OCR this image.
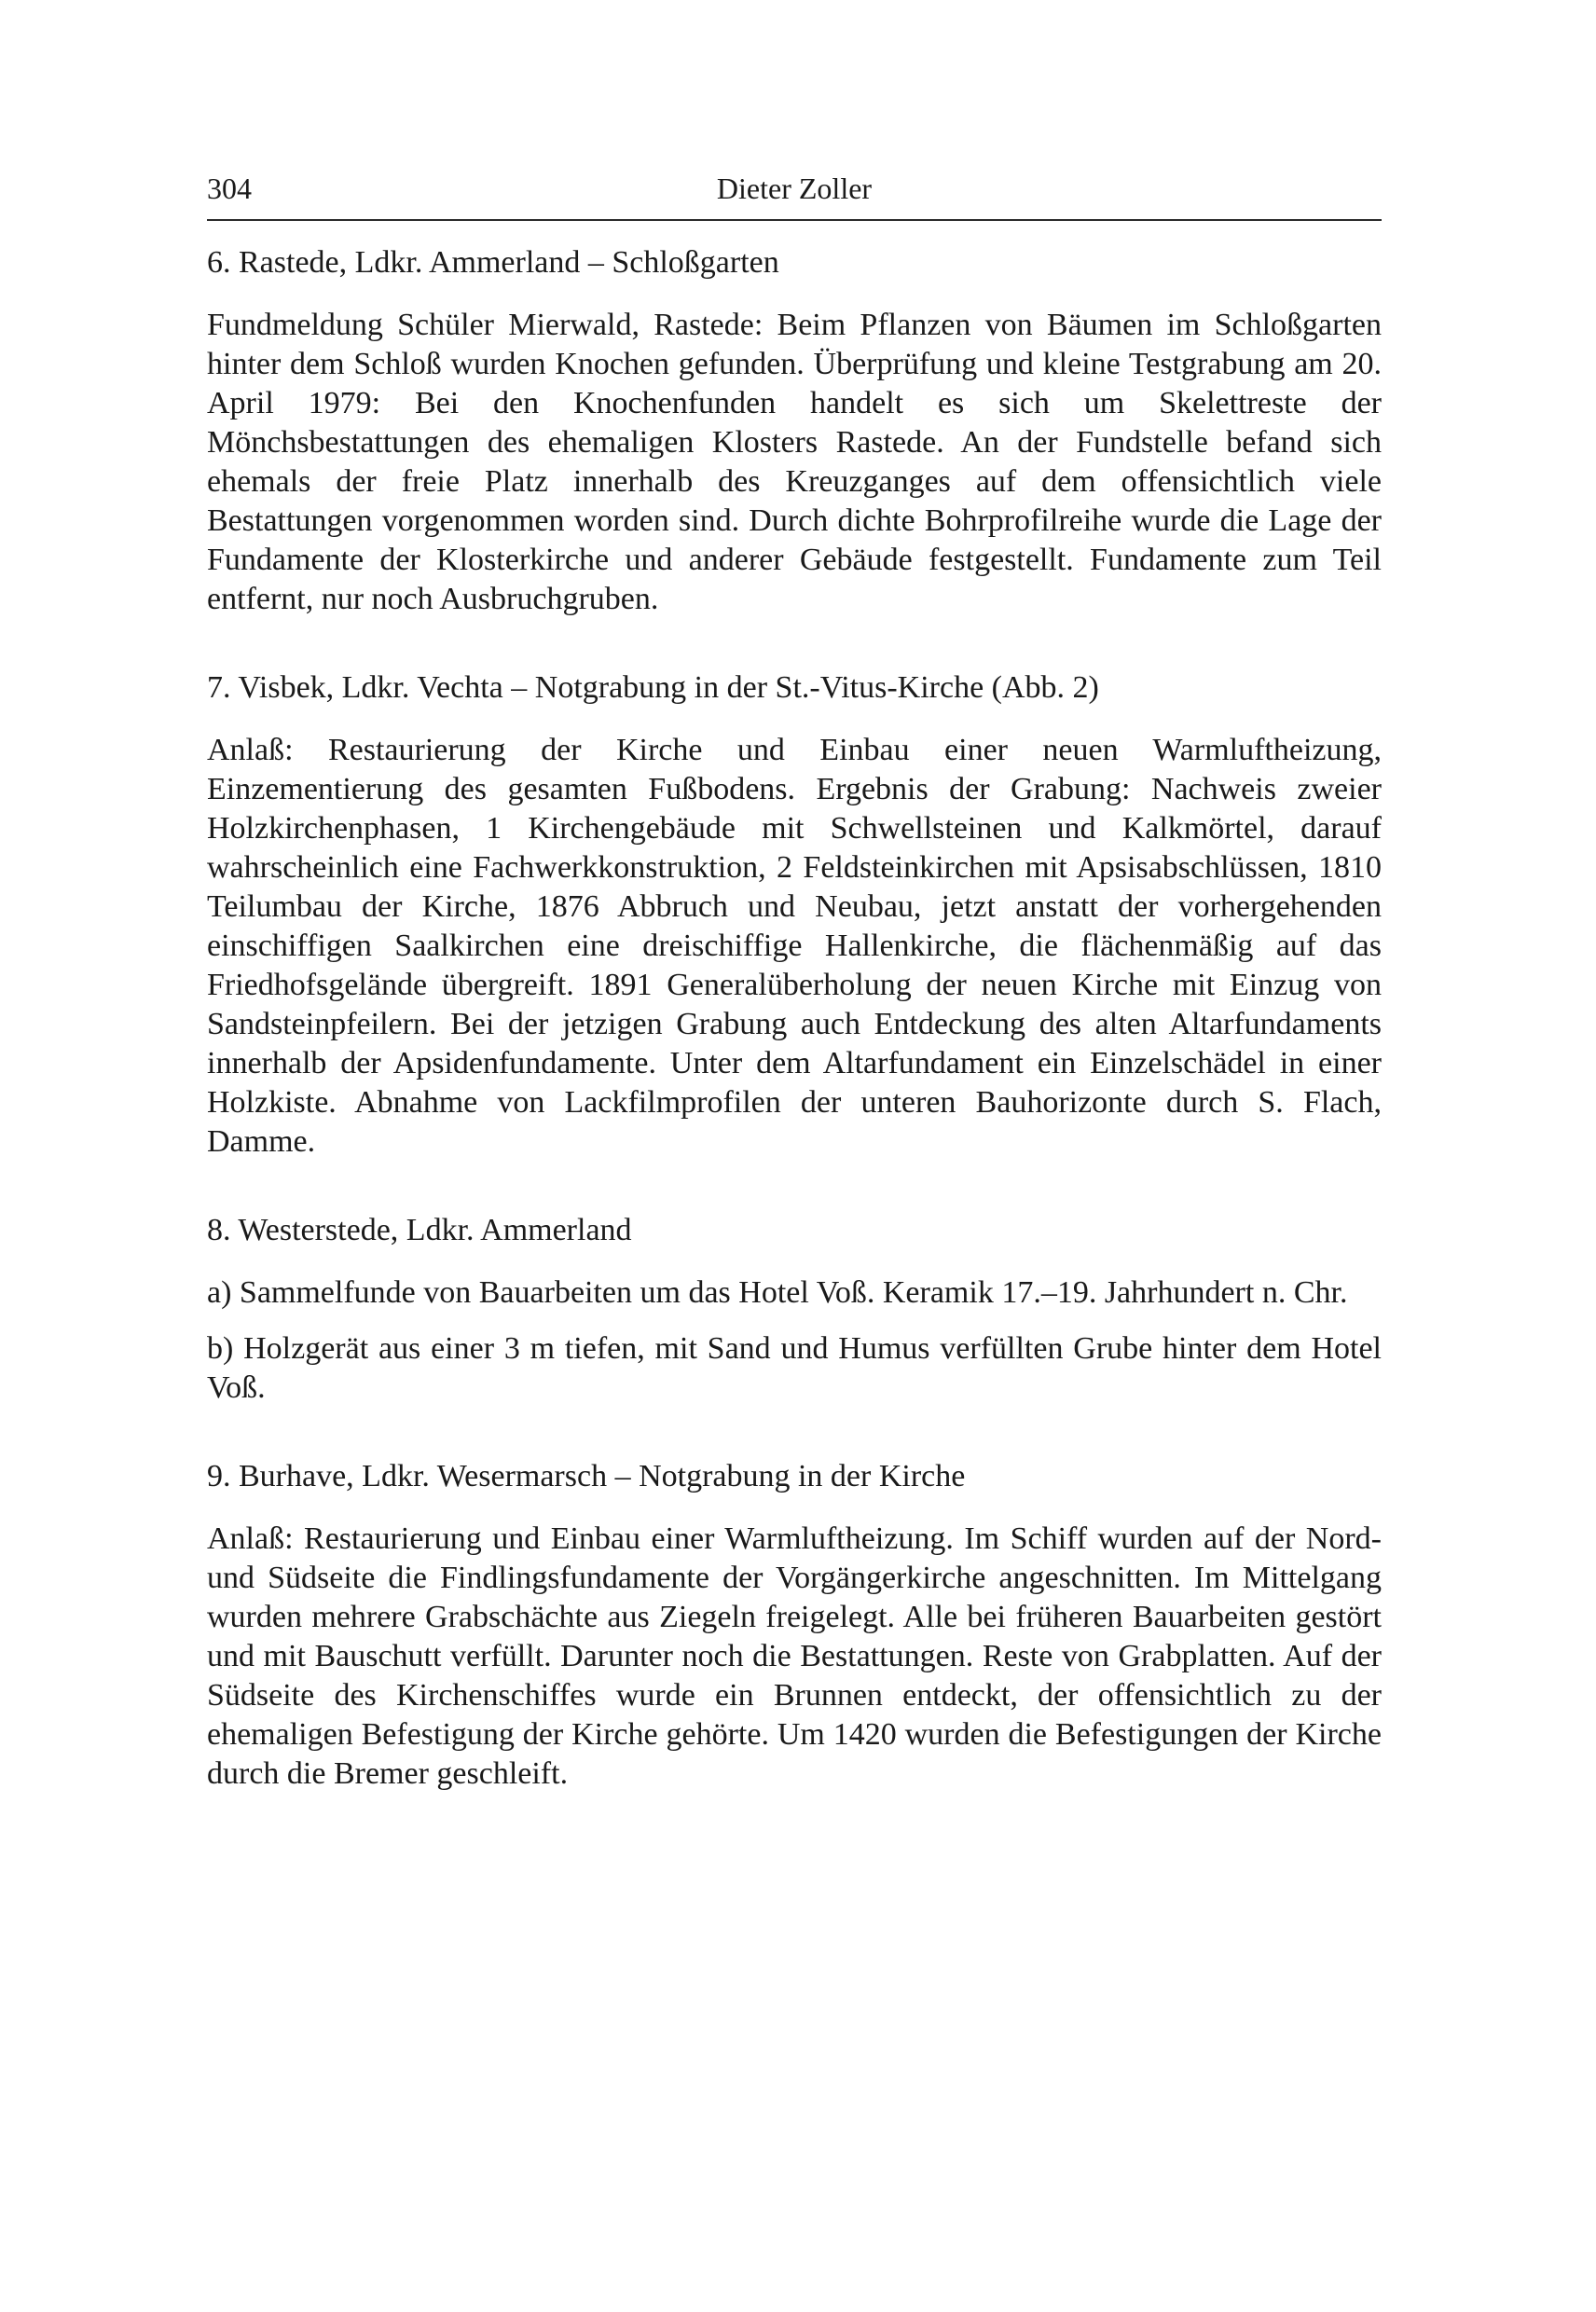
304	Dieter Zoller
6. Rastede, Ldkr. Ammerland – Schloßgarten

Fundmeldung Schüler Mierwald, Rastede: Beim Pflanzen von Bäumen im Schloßgarten hinter dem Schloß wurden Knochen gefunden. Überprüfung und kleine Testgrabung am 20. April 1979: Bei den Knochenfunden handelt es sich um Skelettreste der Mönchsbestattungen des ehemaligen Klosters Rastede. An der Fundstelle befand sich ehemals der freie Platz innerhalb des Kreuzganges auf dem offensichtlich viele Bestattungen vorgenommen worden sind. Durch dichte Bohrprofilreihe wurde die Lage der Fundamente der Klosterkirche und anderer Gebäude festgestellt. Fundamente zum Teil entfernt, nur noch Ausbruchgruben.

7. Visbek, Ldkr. Vechta – Notgrabung in der St.-Vitus-Kirche (Abb. 2)

Anlaß: Restaurierung der Kirche und Einbau einer neuen Warmluftheizung, Einzementierung des gesamten Fußbodens. Ergebnis der Grabung: Nachweis zweier Holzkirchenphasen, 1 Kirchengebäude mit Schwellsteinen und Kalkmörtel, darauf wahrscheinlich eine Fachwerkkonstruktion, 2 Feldsteinkirchen mit Apsisabschlüssen, 1810 Teilumbau der Kirche, 1876 Abbruch und Neubau, jetzt anstatt der vorhergehenden einschiffigen Saalkirchen eine dreischiffige Hallenkirche, die flächenmäßig auf das Friedhofsgelände übergreift. 1891 Generalüberholung der neuen Kirche mit Einzug von Sandsteinpfeilern. Bei der jetzigen Grabung auch Entdeckung des alten Altarfundaments innerhalb der Apsidenfundamente. Unter dem Altarfundament ein Einzelschädel in einer Holzkiste. Abnahme von Lackfilmprofilen der unteren Bauhorizonte durch S. Flach, Damme.

8. Westerstede, Ldkr. Ammerland

a) Sammelfunde von Bauarbeiten um das Hotel Voß. Keramik 17.–19. Jahrhundert n. Chr.

b) Holzgerät aus einer 3 m tiefen, mit Sand und Humus verfüllten Grube hinter dem Hotel Voß.

9. Burhave, Ldkr. Wesermarsch – Notgrabung in der Kirche

Anlaß: Restaurierung und Einbau einer Warmluftheizung. Im Schiff wurden auf der Nord- und Südseite die Findlingsfundamente der Vorgängerkirche angeschnitten. Im Mittelgang wurden mehrere Grabschächte aus Ziegeln freigelegt. Alle bei früheren Bauarbeiten gestört und mit Bauschutt verfüllt. Darunter noch die Bestattungen. Reste von Grabplatten. Auf der Südseite des Kirchenschiffes wurde ein Brunnen entdeckt, der offensichtlich zu der ehemaligen Befestigung der Kirche gehörte. Um 1420 wurden die Befestigungen der Kirche durch die Bremer geschleift.
